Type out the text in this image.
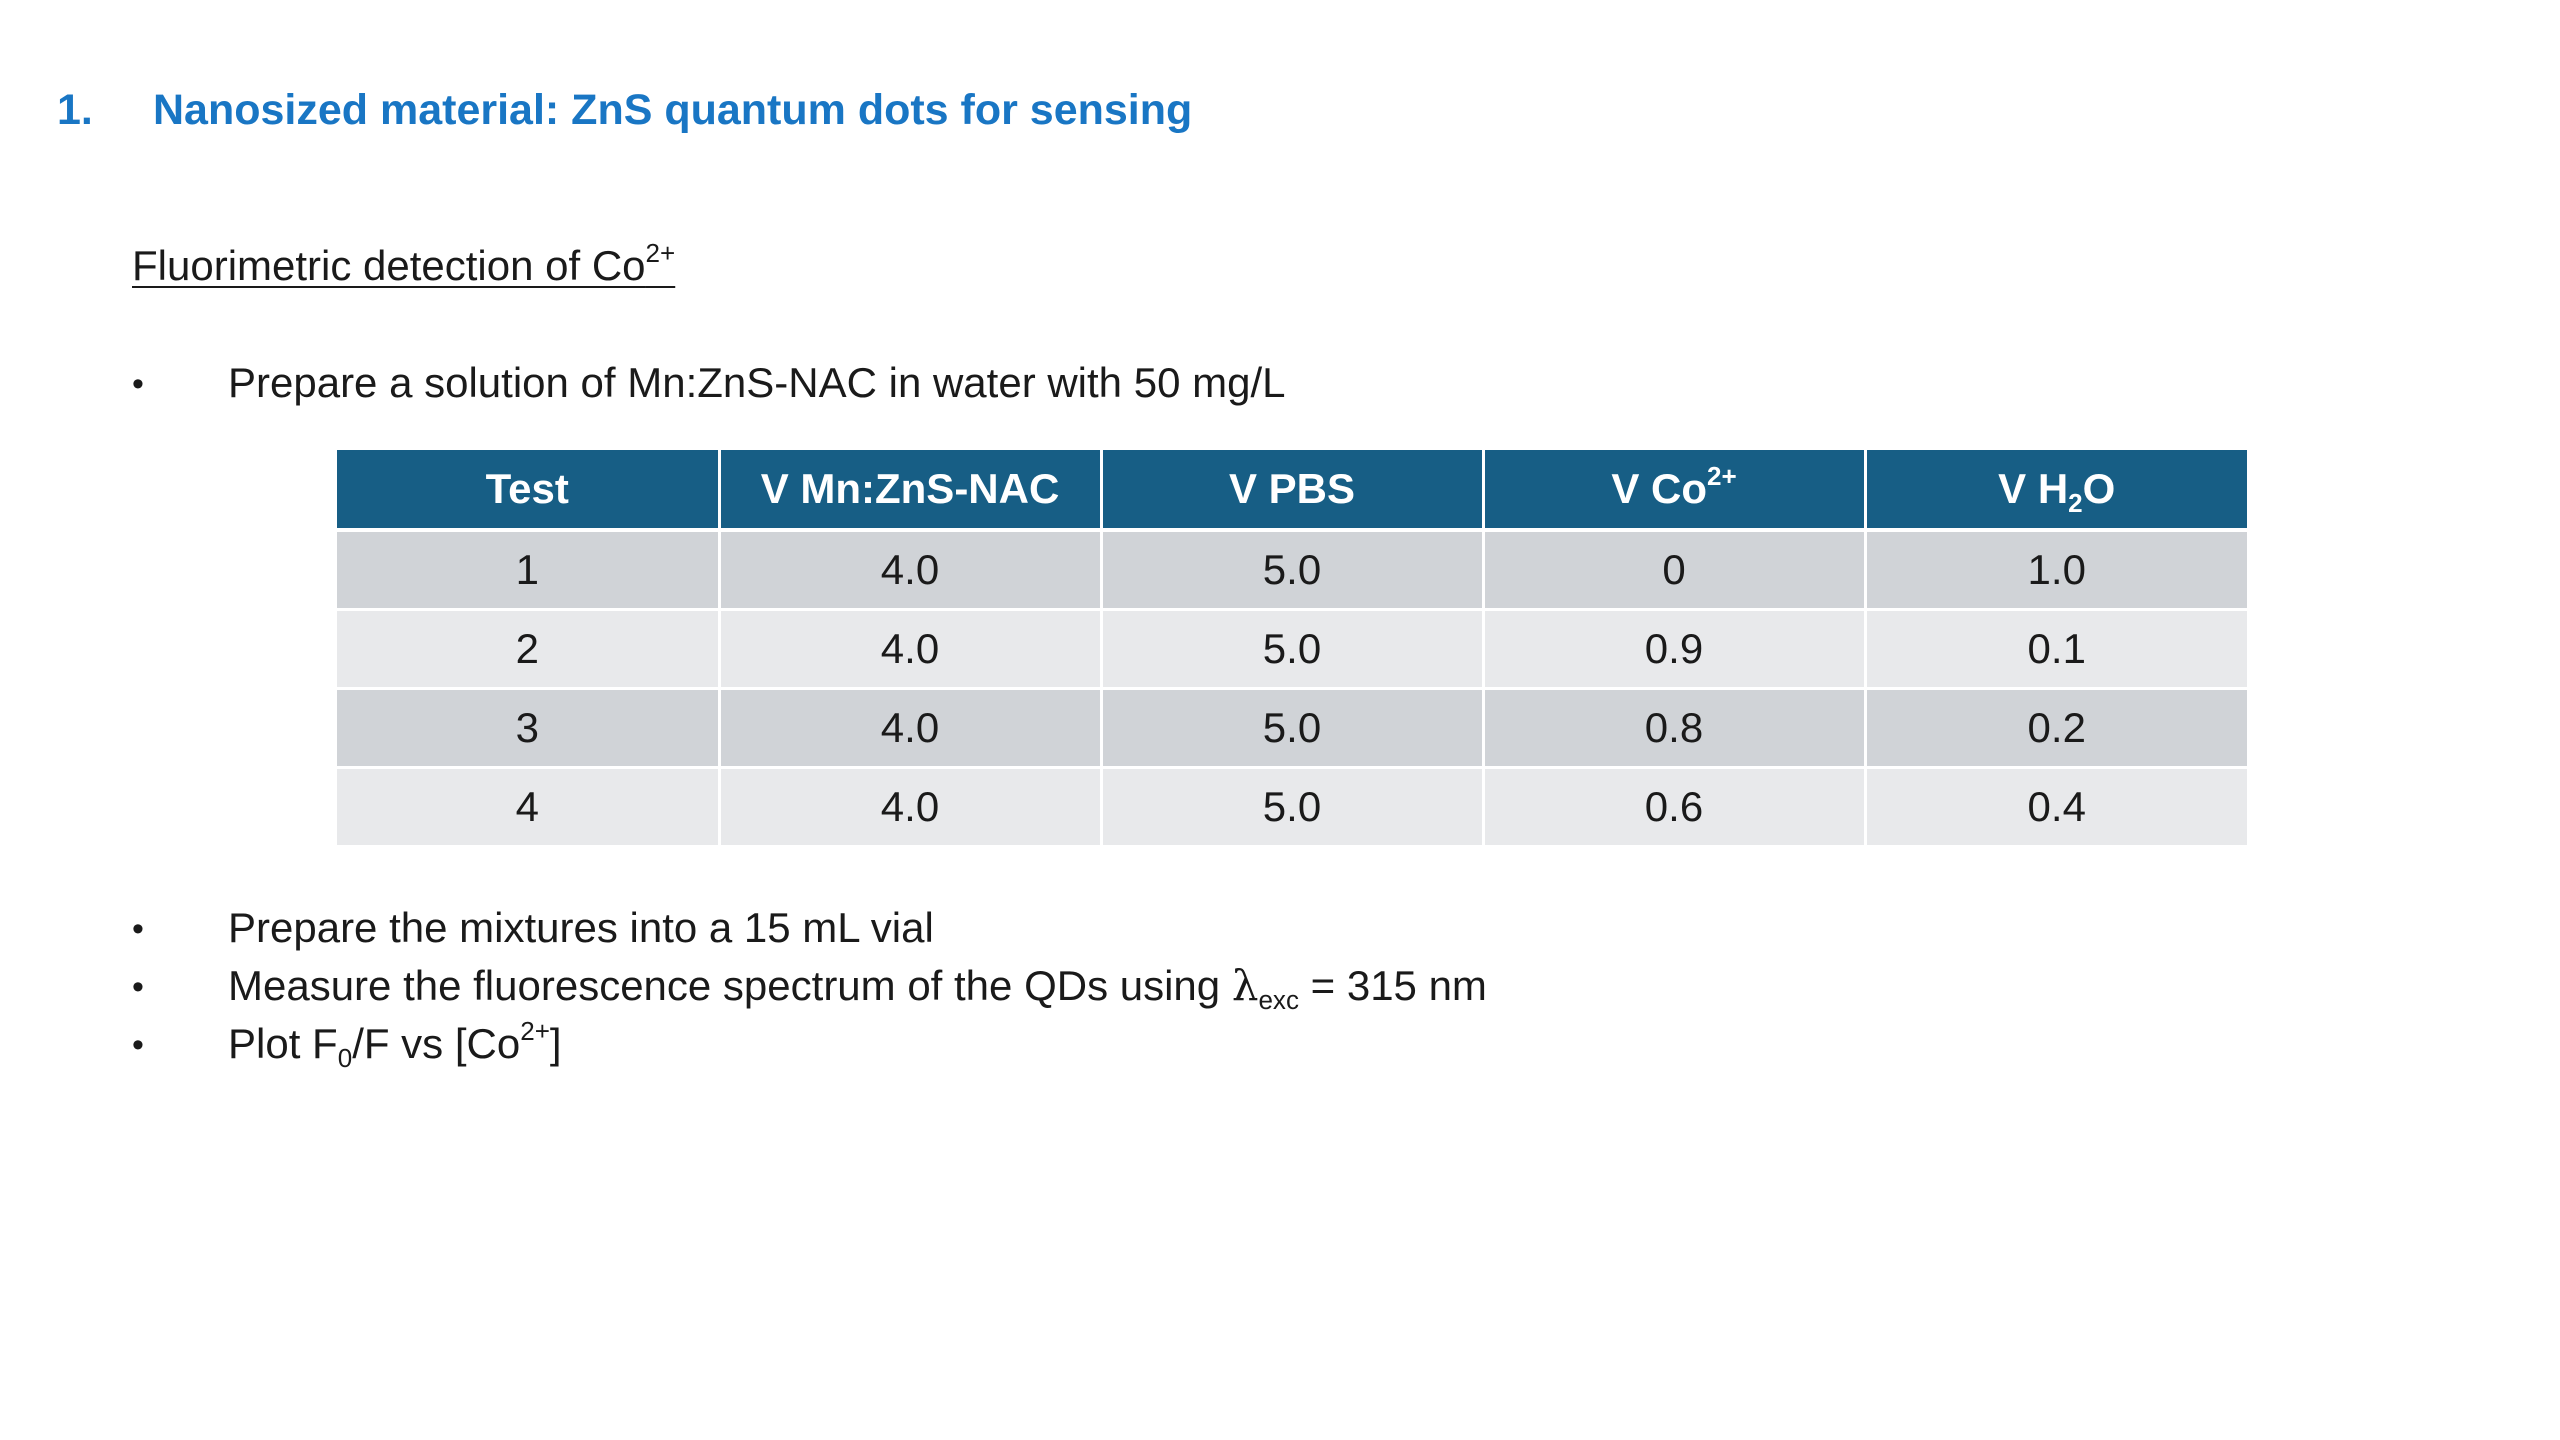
1. Nanosized material: ZnS quantum dots for sensing
Fluorimetric detection of $Co^{2+}$
• Prepare a solution of Mn:ZnS-NAC in water with 50 mg/L
Test	V Mn:ZnS-NAC	V PBS	V $Co^{2+}$	V $H_2O$
1	4.0	5.0	0	1.0
2	4.0	5.0	0.9	0.1
3	4.0	5.0	0.8	0.2
4	4.0	5.0	0.6	0.4
• Prepare the mixtures into a 15 mL vial
• Measure the fluorescence spectrum of the QDs using $\lambda_{exc} = 315$ nm
• Plot $F_0/F$ vs $[Co^{2+}]$
